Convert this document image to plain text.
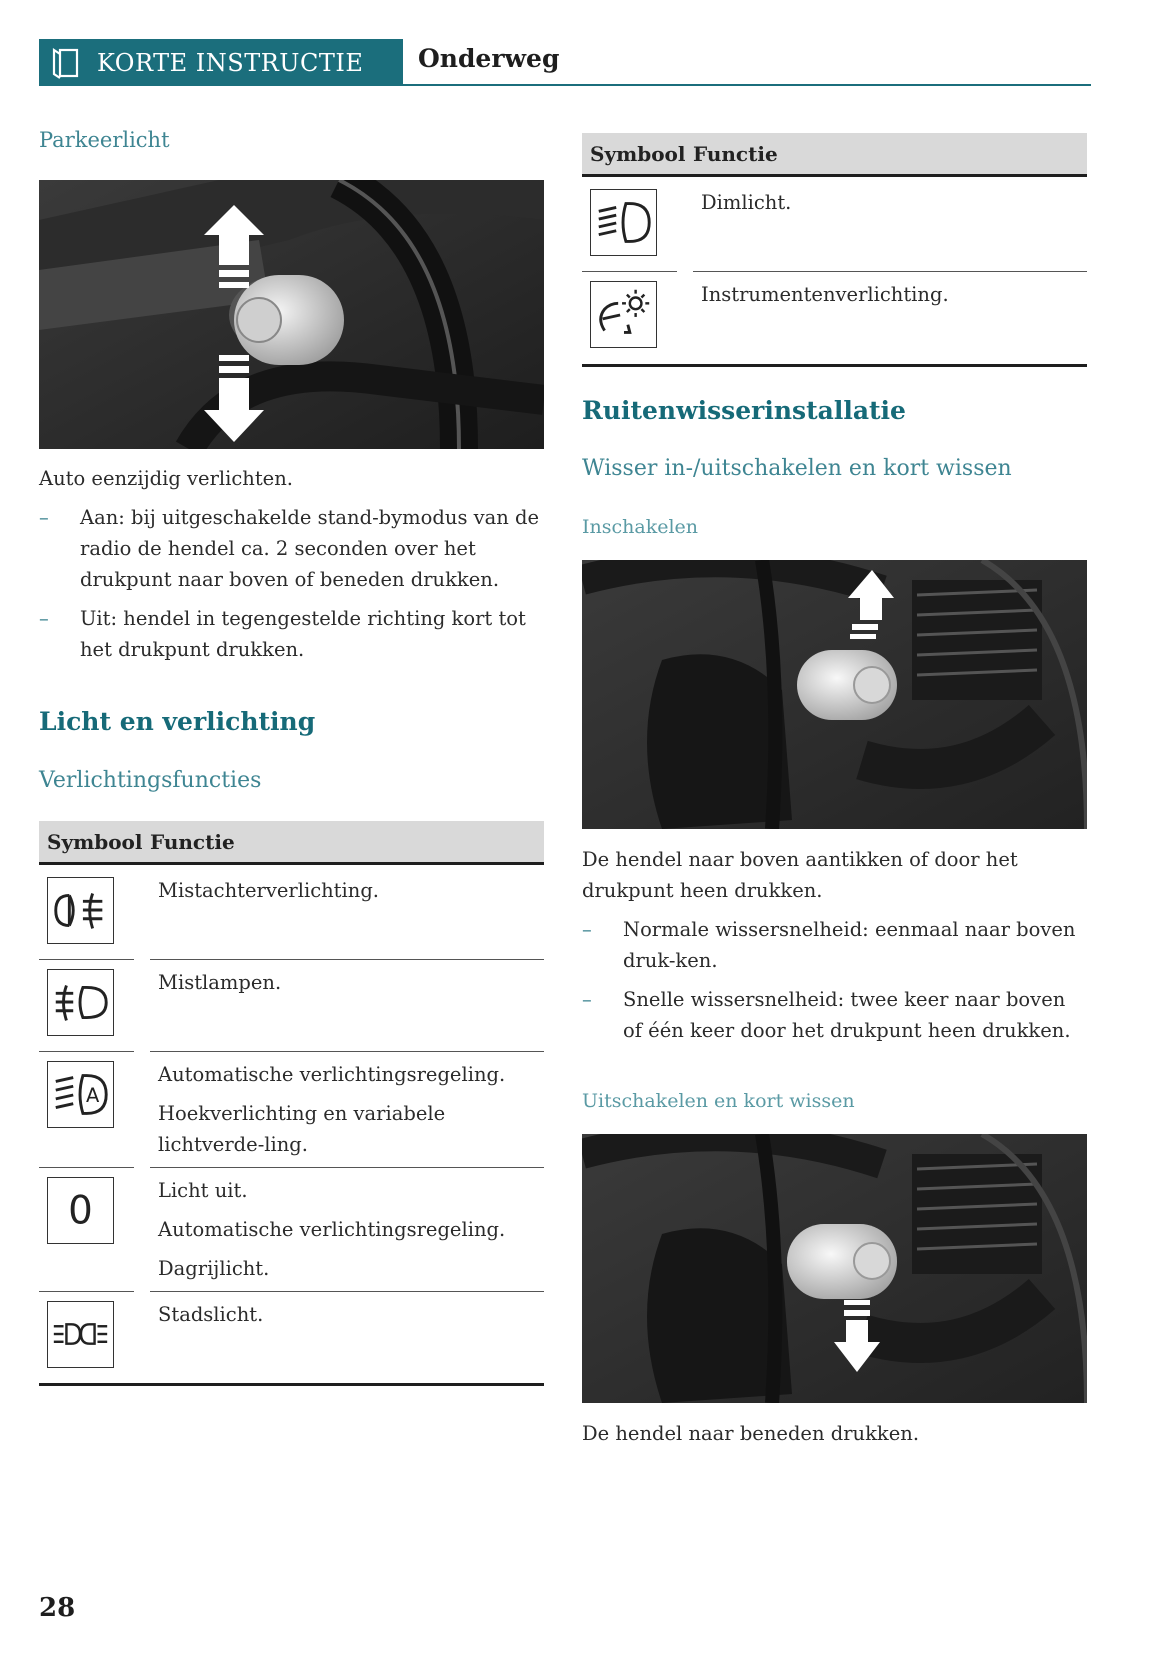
KORTE INSTRUCTIE Onderweg
Parkeerlicht
Auto eenzijdig verlichten.
– Aan: bij uitgeschakelde stand-bymodus van de radio de hendel ca. 2 seconden over het drukpunt naar boven of beneden drukken.
– Uit: hendel in tegengestelde richting kort tot het drukpunt drukken.
Licht en verlichting
Verlichtingsfuncties
Symbool Functie
Mistachterverlichting.
Mistlampen.
A
Automatische verlichtingsregeling.
Hoekverlichting en variabele lichtverde-ling.
0	Licht uit.
Automatische verlichtingsregeling.
Dagrijlicht.
Stadslicht.
Symbool Functie
Dimlicht.
Instrumentenverlichting.
Ruitenwisserinstallatie
Wisser in-/uitschakelen en kort wissen
Inschakelen
De hendel naar boven aantikken of door het drukpunt heen drukken.
– Normale wissersnelheid: eenmaal naar boven druk-ken.
– Snelle wissersnelheid: twee keer naar boven of één keer door het drukpunt heen drukken.
Uitschakelen en kort wissen
De hendel naar beneden drukken.
28
